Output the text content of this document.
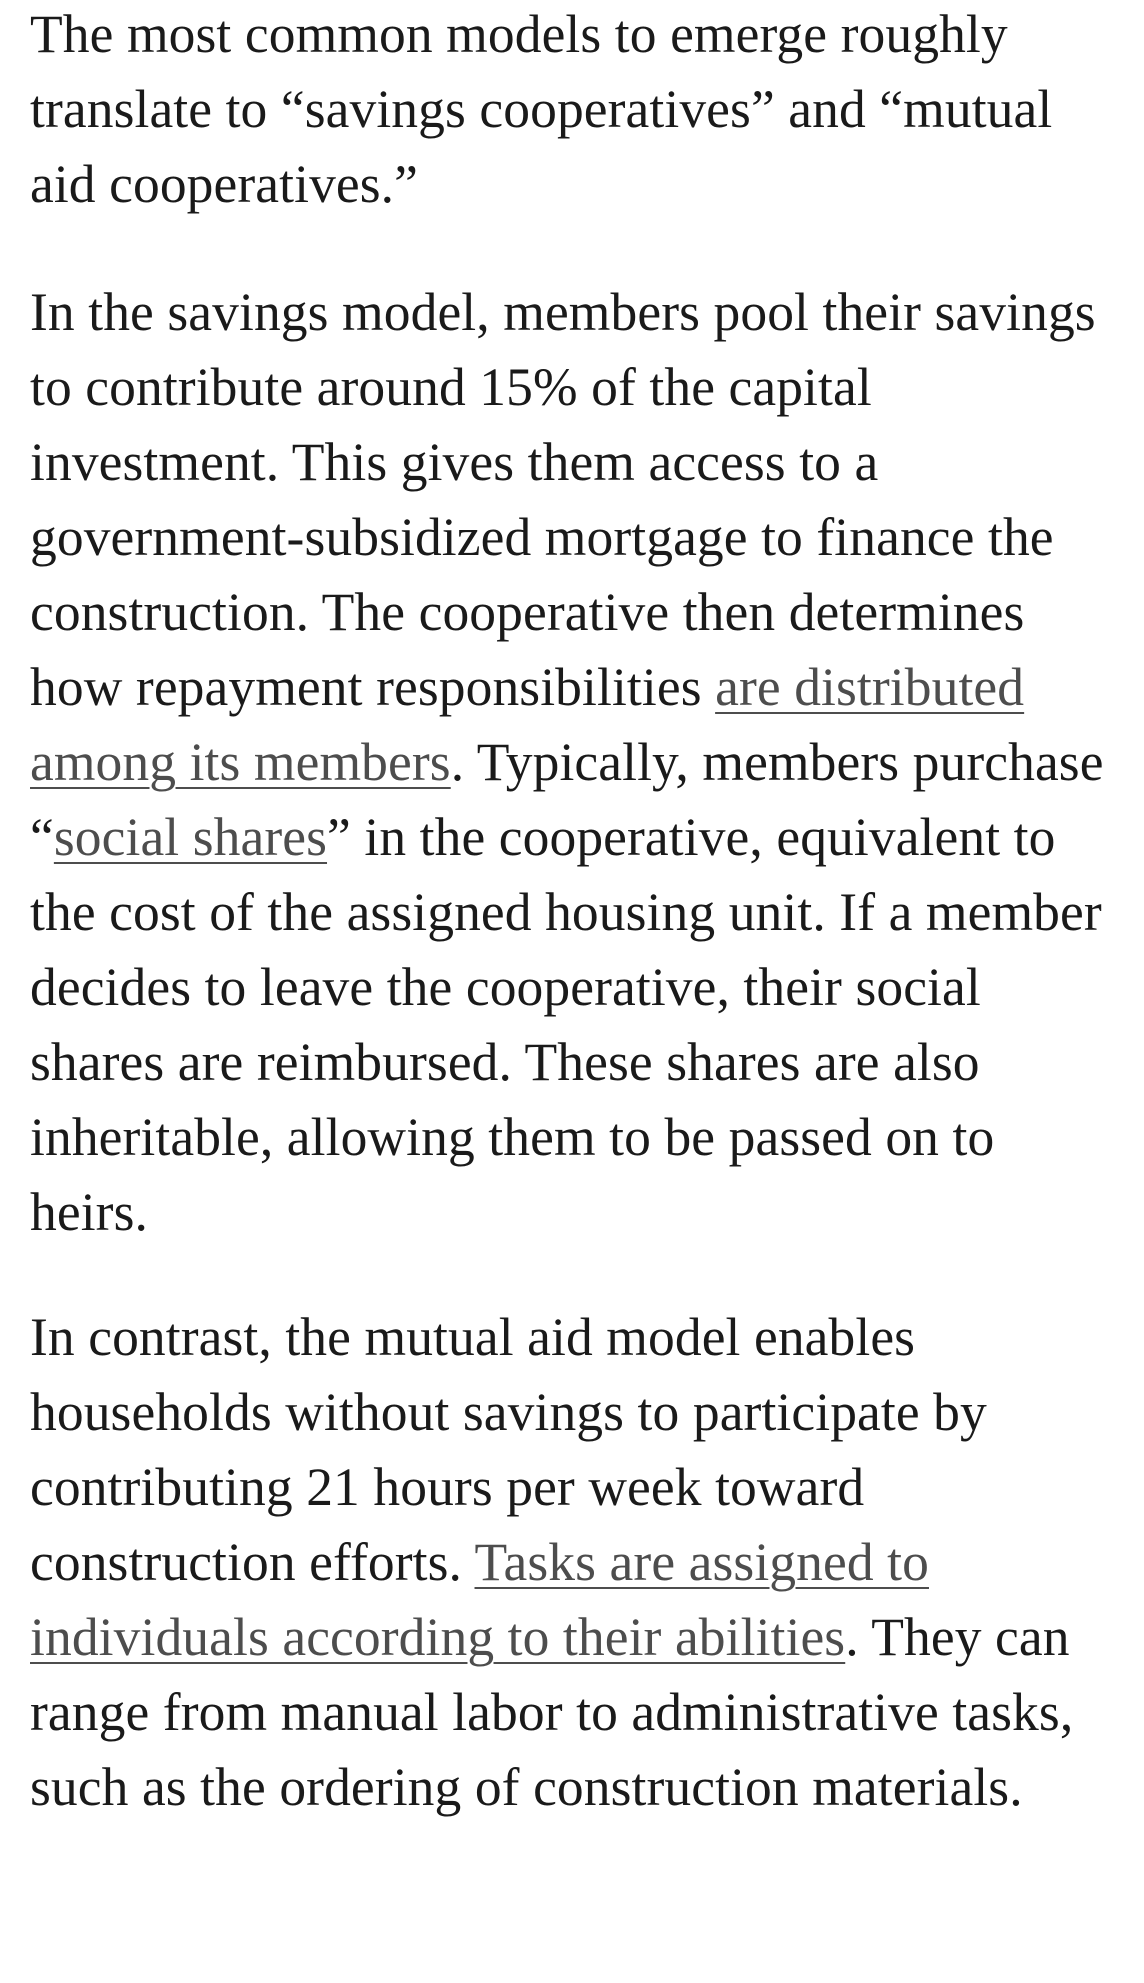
The most common models to emerge roughly translate to “savings cooperatives” and “mutual aid cooperatives.”

In the savings model, members pool their savings to contribute around 15% of the capital investment. This gives them access to a government-subsidized mortgage to finance the construction. The cooperative then determines how repayment responsibilities are distributed among its members. Typically, members purchase “social shares” in the cooperative, equivalent to the cost of the assigned housing unit. If a member decides to leave the cooperative, their social shares are reimbursed. These shares are also inheritable, allowing them to be passed on to heirs.

In contrast, the mutual aid model enables households without savings to participate by contributing 21 hours per week toward construction efforts. Tasks are assigned to individuals according to their abilities. They can range from manual labor to administrative tasks, such as the ordering of construction materials.
